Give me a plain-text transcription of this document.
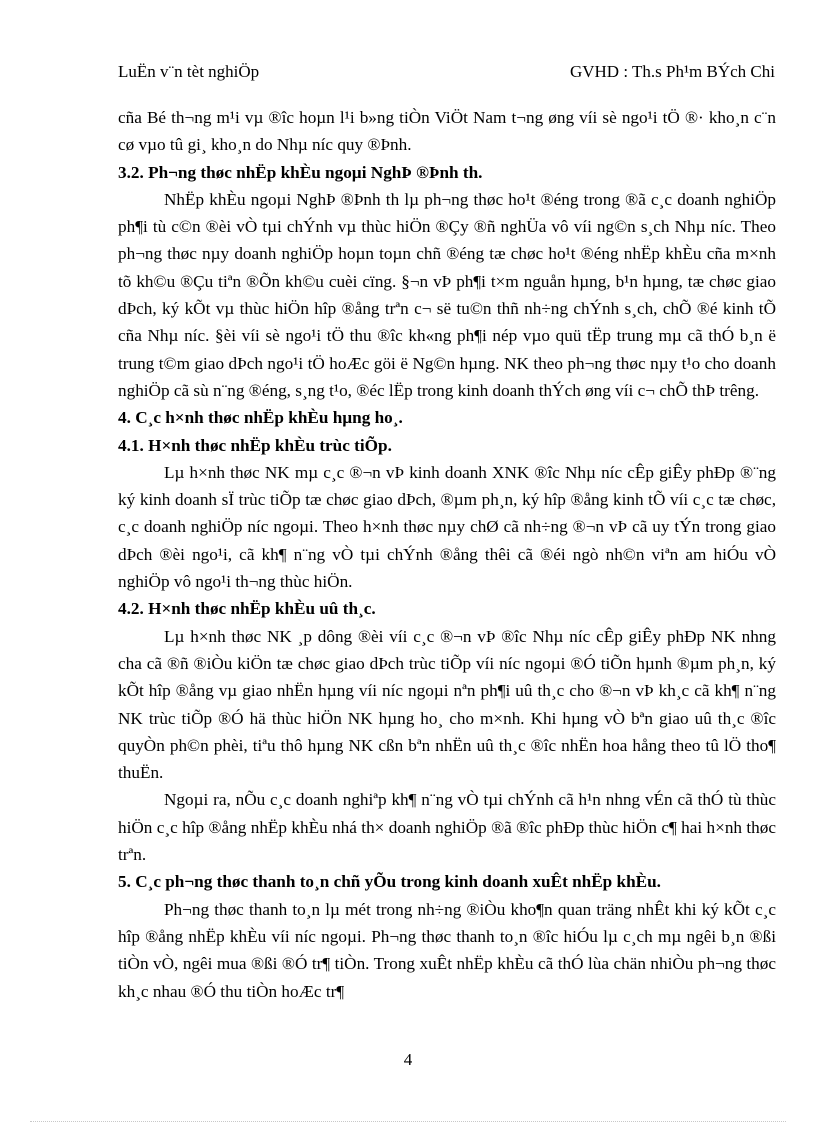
LuËn v¨n tèt nghiÖp	GVHD : Th.s Ph¹m BÝch Chi

cña Bé th¬ng m¹i vµ ®îc hoµn l¹i b»ng tiÒn ViÖt Nam t¬ng øng víi sè ngo¹i tÖ ®· kho¸n c¨n cø vµo tû gi¸ kho¸n do Nhµ níc quy ®Þnh.

3.2. Ph¬ng thøc nhËp khÈu ngoµi NghÞ ®Þnh th.

NhËp khÈu ngoµi NghÞ ®Þnh th lµ ph¬ng thøc ho¹t ®éng trong ®ã c¸c doanh nghiÖp ph¶i tù c©n ®èi vÒ tµi chÝnh vµ thùc hiÖn ®Çy ®ñ nghÜa vô víi ng©n s¸ch Nhµ níc. Theo ph¬ng thøc nµy doanh nghiÖp hoµn toµn chñ ®éng tæ chøc ho¹t ®éng nhËp khÈu cña m×nh tõ kh©u ®Çu tiªn ®Õn kh©u cuèi cïng. §¬n vÞ ph¶i t×m nguån hµng, b¹n hµng, tæ chøc giao dÞch, ký kÕt vµ thùc hiÖn hîp ®ång trªn c¬ së tu©n thñ nh÷ng chÝnh s¸ch, chÕ ®é kinh tÕ cña Nhµ níc. §èi víi sè ngo¹i tÖ thu ®îc kh«ng ph¶i nép vµo quü tËp trung mµ cã thÓ b¸n ë trung t©m giao dÞch ngo¹i tÖ hoÆc göi ë Ng©n hµng. NK theo ph¬ng thøc nµy t¹o cho doanh nghiÖp cã sù n¨ng ®éng, s¸ng t¹o, ®éc lËp trong kinh doanh thÝch øng víi c¬ chÕ thÞ trêng.

4. C¸c h×nh thøc nhËp khÈu hµng ho¸.
4.1. H×nh thøc nhËp khÈu trùc tiÕp.

Lµ h×nh thøc NK mµ c¸c ®¬n vÞ kinh doanh XNK ®îc Nhµ níc cÊp giÊy phÐp ®¨ng ký kinh doanh sÏ trùc tiÕp tæ chøc giao dÞch, ®µm ph¸n, ký hîp ®ång kinh tÕ víi c¸c tæ chøc, c¸c doanh nghiÖp níc ngoµi. Theo h×nh thøc nµy chØ cã nh÷ng ®¬n vÞ cã uy tÝn trong giao dÞch ®èi ngo¹i, cã kh¶ n¨ng vÒ tµi chÝnh ®ång thêi cã ®éi ngò nh©n viªn am hiÓu vÒ nghiÖp vô ngo¹i th¬ng thùc hiÖn.

4.2. H×nh thøc nhËp khÈu uû th¸c.

Lµ h×nh thøc NK ¸p dông ®èi víi c¸c ®¬n vÞ ®îc Nhµ níc cÊp giÊy phÐp NK nhng cha cã ®ñ ®iÒu kiÖn tæ chøc giao dÞch trùc tiÕp víi níc ngoµi ®Ó tiÕn hµnh ®µm ph¸n, ký kÕt hîp ®ång vµ giao nhËn hµng víi níc ngoµi nªn ph¶i uû th¸c cho ®¬n vÞ kh¸c cã kh¶ n¨ng NK trùc tiÕp ®Ó hä thùc hiÖn NK hµng ho¸ cho m×nh. Khi hµng vÒ bªn giao uû th¸c ®îc quyÒn ph©n phèi, tiªu thô hµng NK cßn bªn nhËn uû th¸c ®îc nhËn hoa hång theo tû lÖ tho¶ thuËn.

Ngoµi ra, nÕu c¸c doanh nghiªp kh¶ n¨ng vÒ tµi chÝnh cã h¹n nhng vÉn cã thÓ tù thùc hiÖn c¸c hîp ®ång nhËp khÈu nhá th× doanh nghiÖp ®ã ®îc phÐp thùc hiÖn c¶ hai h×nh thøc trªn.

5. C¸c ph¬ng thøc thanh to¸n chñ yÕu trong kinh doanh xuÊt nhËp khÈu.

Ph¬ng thøc thanh to¸n lµ mét trong nh÷ng ®iÒu kho¶n quan träng nhÊt khi ký kÕt c¸c hîp ®ång nhËp khÈu víi níc ngoµi. Ph¬ng thøc thanh to¸n ®îc hiÓu lµ c¸ch mµ ngêi b¸n ®ßi tiÒn vÒ, ngêi mua ®ßi ®Ó tr¶ tiÒn. Trong xuÊt nhËp khÈu cã thÓ lùa chän nhiÒu ph¬ng thøc kh¸c nhau ®Ó thu tiÒn hoÆc tr¶

4
